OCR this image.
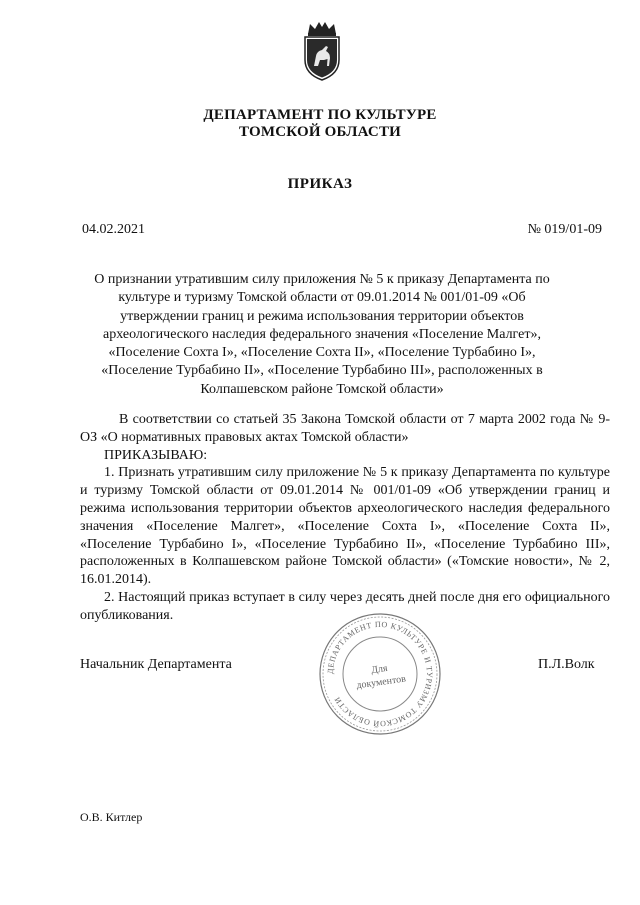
ДЕПАРТАМЕНТ ПО КУЛЬТУРЕ
ТОМСКОЙ ОБЛАСТИ
ПРИКАЗ
04.02.2021	№ 019/01-09
О признании утратившим силу приложения № 5 к приказу Департамента по культуре и туризму Томской области от 09.01.2014 № 001/01-09 «Об утверждении границ и режима использования территории объектов археологического наследия федерального значения «Поселение Малгет», «Поселение Сохта I», «Поселение Сохта II», «Поселение Турбабино I», «Поселение Турбабино II», «Поселение Турбабино III», расположенных в Колпашевском районе Томской области»

В соответствии со статьей 35 Закона Томской области от 7 марта 2002 года № 9-ОЗ «О нормативных правовых актах Томской области»

ПРИКАЗЫВАЮ:

1. Признать утратившим силу приложение № 5 к приказу Департамента по культуре и туризму Томской области от 09.01.2014 № 001/01-09 «Об утверждении границ и режима использования территории объектов археологического наследия федерального значения «Поселение Малгет», «Поселение Сохта I», «Поселение Сохта II», «Поселение Турбабино I», «Поселение Турбабино II», «Поселение Турбабино III», расположенных в Колпашевском районе Томской области» («Томские новости», № 2, 16.01.2014).

2. Настоящий приказ вступает в силу через десять дней после дня его официального опубликования.

Начальник Департамента	П.Л.Волк
ДЕПАРТАМЕНТ ПО КУЛЬТУРЕ И ТУРИЗМУ ТОМСКОЙ ОБЛАСТИ
Для
документов
О.В. Китлер
